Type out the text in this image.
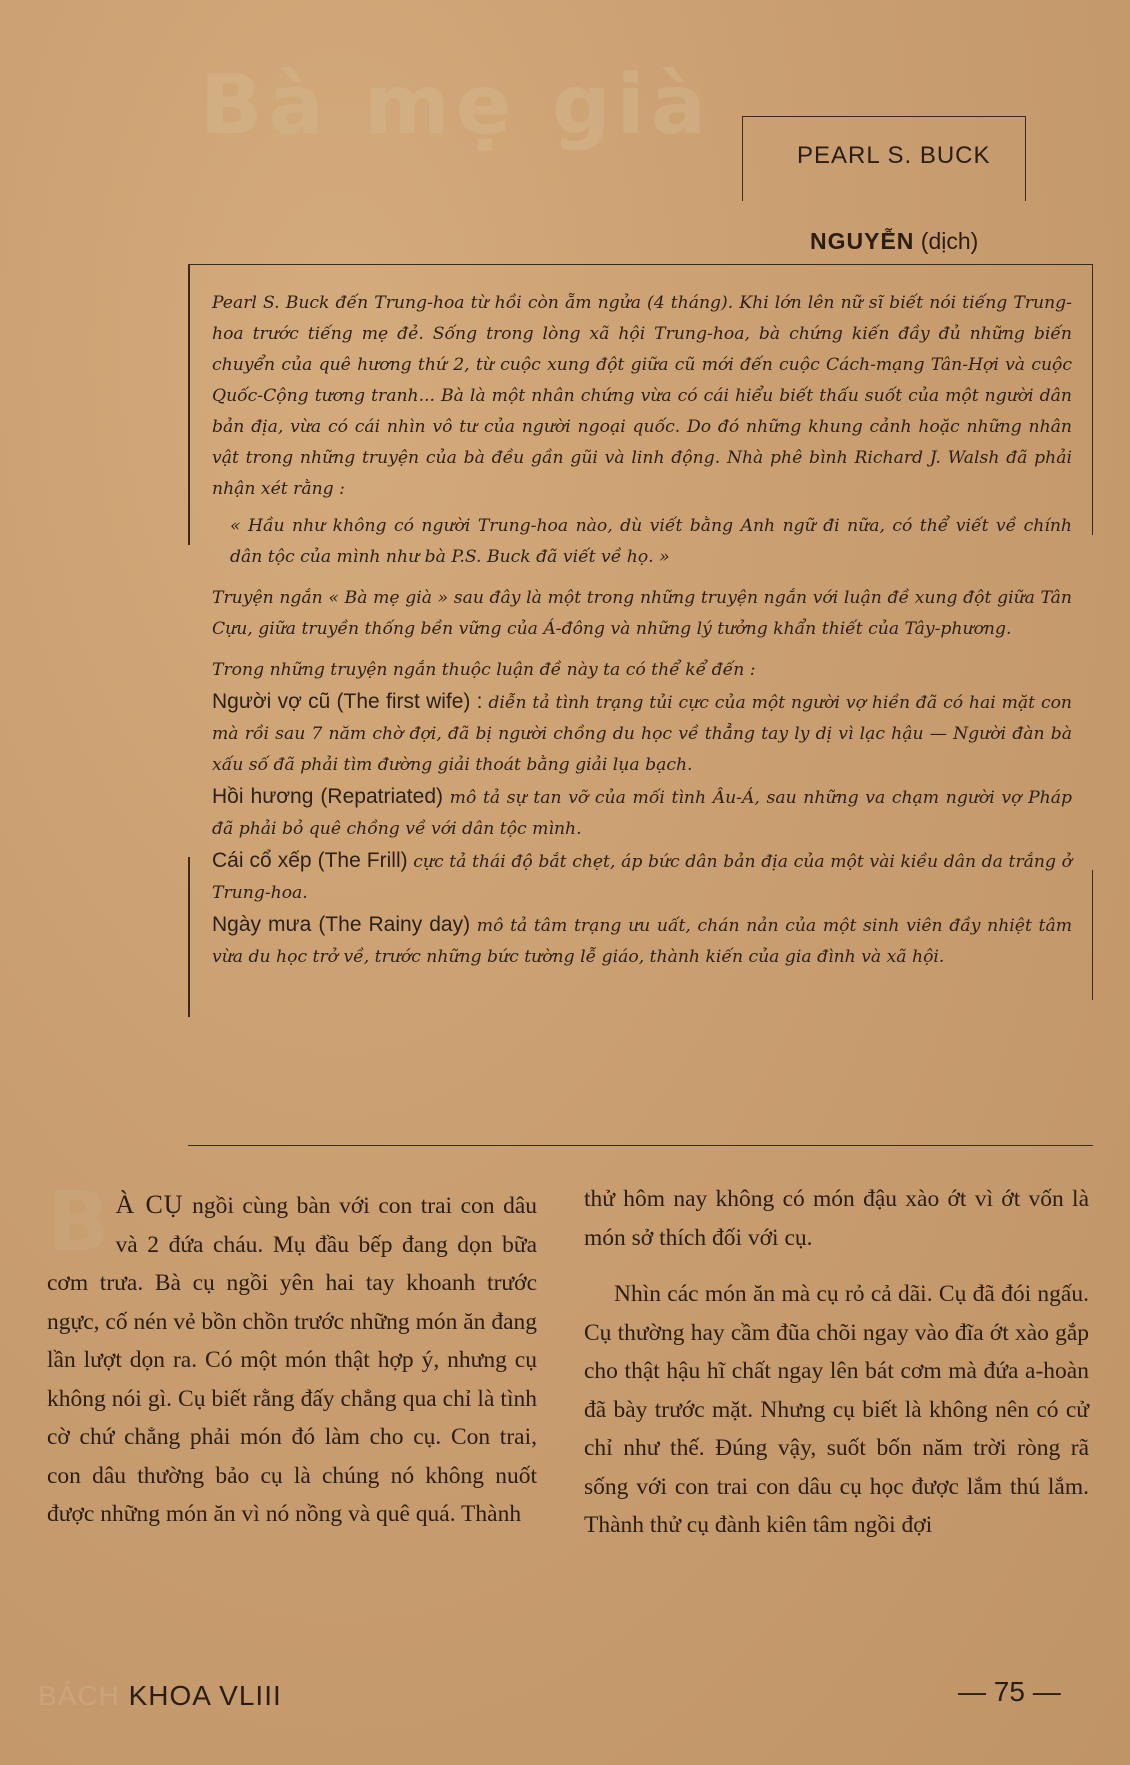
Bà mẹ già
PEARL S. BUCK
NGUYỄN (dịch)

Pearl S. Buck đến Trung-hoa từ hồi còn ẵm ngửa (4 tháng). Khi lớn lên nữ sĩ biết nói tiếng Trung-hoa trước tiếng mẹ đẻ. Sống trong lòng xã hội Trung-hoa, bà chứng kiến đầy đủ những biến chuyển của quê hương thứ 2, từ cuộc xung đột giữa cũ mới đến cuộc Cách-mạng Tân-Hợi và cuộc Quốc-Cộng tương tranh... Bà là một nhân chứng vừa có cái hiểu biết thấu suốt của một người dân bản địa, vừa có cái nhìn vô tư của người ngoại quốc. Do đó những khung cảnh hoặc những nhân vật trong những truyện của bà đều gần gũi và linh động. Nhà phê bình Richard J. Walsh đã phải nhận xét rằng :

« Hầu như không có người Trung-hoa nào, dù viết bằng Anh ngữ đi nữa, có thể viết về chính dân tộc của mình như bà P.S. Buck đã viết về họ. »

Truyện ngắn « Bà mẹ già » sau đây là một trong những truyện ngắn với luận đề xung đột giữa Tân Cựu, giữa truyền thống bền vững của Á-đông và những lý tưởng khẩn thiết của Tây-phương.

Trong những truyện ngắn thuộc luận đề này ta có thể kể đến :

Người vợ cũ (The first wife) : diễn tả tình trạng tủi cực của một người vợ hiền đã có hai mặt con mà rồi sau 7 năm chờ đợi, đã bị người chồng du học về thẳng tay ly dị vì lạc hậu — Người đàn bà xấu số đã phải tìm đường giải thoát bằng giải lụa bạch.

Hồi hương (Repatriated) mô tả sự tan vỡ của mối tình Âu-Á, sau những va chạm người vợ Pháp đã phải bỏ quê chồng về với dân tộc mình.

Cái cổ xếp (The Frill) cực tả thái độ bắt chẹt, áp bức dân bản địa của một vài kiều dân da trắng ở Trung-hoa.

Ngày mưa (The Rainy day) mô tả tâm trạng ưu uất, chán nản của một sinh viên đầy nhiệt tâm vừa du học trở về, trước những bức tường lễ giáo, thành kiến của gia đình và xã hội.

B À CỤ ngồi cùng bàn với con trai con dâu và 2 đứa cháu. Mụ đầu bếp đang dọn bữa cơm trưa. Bà cụ ngồi yên hai tay khoanh trước ngực, cố nén vẻ bồn chồn trước những món ăn đang lần lượt dọn ra. Có một món thật hợp ý, nhưng cụ không nói gì. Cụ biết rằng đấy chẳng qua chỉ là tình cờ chứ chẳng phải món đó làm cho cụ. Con trai, con dâu thường bảo cụ là chúng nó không nuốt được những món ăn vì nó nồng và quê quá. Thành

thử hôm nay không có món đậu xào ớt vì ớt vốn là món sở thích đối với cụ.

Nhìn các món ăn mà cụ rỏ cả dãi. Cụ đã đói ngấu. Cụ thường hay cầm đũa chõi ngay vào đĩa ớt xào gắp cho thật hậu hĩ chất ngay lên bát cơm mà đứa a-hoàn đã bày trước mặt. Nhưng cụ biết là không nên có cử chỉ như thế. Đúng vậy, suốt bốn năm trời ròng rã sống với con trai con dâu cụ học được lắm thú lắm. Thành thử cụ đành kiên tâm ngồi đợi

BÁCH KHOA VLIII	— 75 —
